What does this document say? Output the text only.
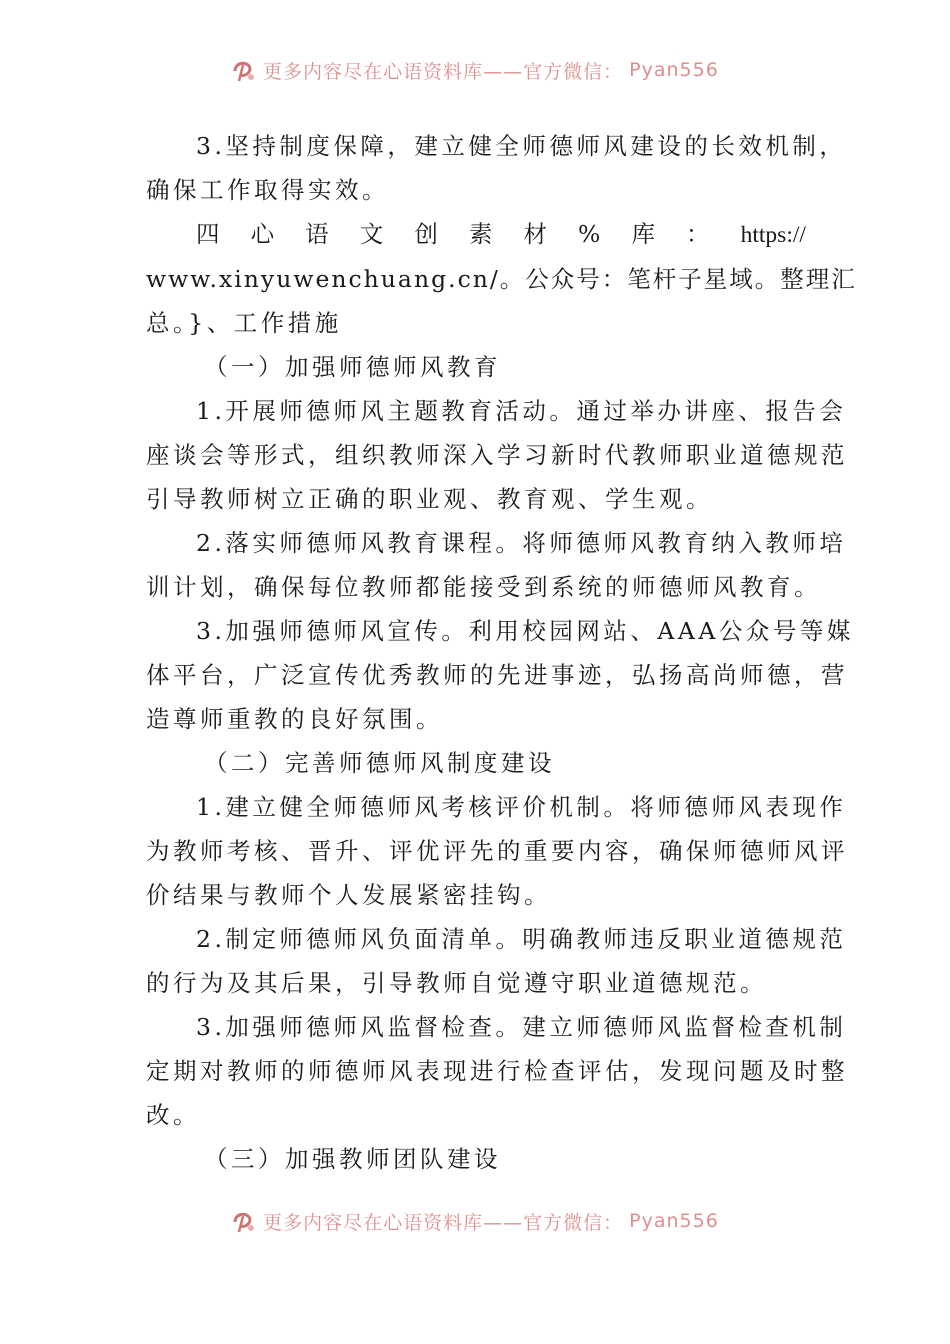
更多内容尽在心语资料库——官方微信： Pyan556

3.坚持制度保障，建立健全师德师风建设的长效机制，

确保工作取得实效。

四 心 语 文 创 素 材 % 库 ： https://

www.xinyuwenchuang.cn/。公众号：笔杆子星域。整理汇

总。}、工作措施

（一）加强师德师风教育

1.开展师德师风主题教育活动。通过举办讲座、报告会

座谈会等形式，组织教师深入学习新时代教师职业道德规范

引导教师树立正确的职业观、教育观、学生观。

2.落实师德师风教育课程。将师德师风教育纳入教师培

训计划，确保每位教师都能接受到系统的师德师风教育。

3.加强师德师风宣传。利用校园网站、AAA公众号等媒

体平台，广泛宣传优秀教师的先进事迹，弘扬高尚师德，营

造尊师重教的良好氛围。

（二）完善师德师风制度建设

1.建立健全师德师风考核评价机制。将师德师风表现作

为教师考核、晋升、评优评先的重要内容，确保师德师风评

价结果与教师个人发展紧密挂钩。

2.制定师德师风负面清单。明确教师违反职业道德规范

的行为及其后果，引导教师自觉遵守职业道德规范。

3.加强师德师风监督检查。建立师德师风监督检查机制

定期对教师的师德师风表现进行检查评估，发现问题及时整

改。

（三）加强教师团队建设

更多内容尽在心语资料库——官方微信： Pyan556
